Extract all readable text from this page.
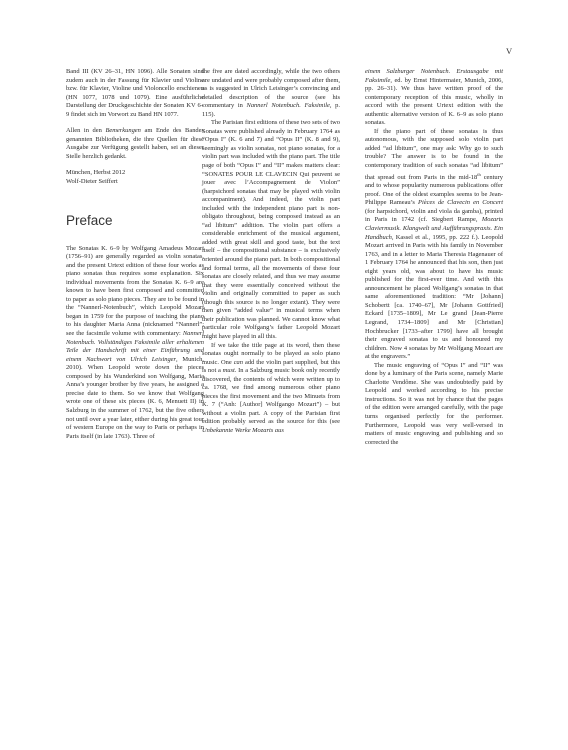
V

Band III (KV 26–31, HN 1096). Alle Sonaten sind zudem auch in der Fassung für Klavier und Violine bzw. für Klavier, Violine und Violoncello erschienen (HN 1077, 1078 und 1079). Eine ausführliche Darstellung der Druckgeschichte der Sonaten KV 6–9 findet sich im Vorwort zu Band HN 1077.

Allen in den Bemerkungen am Ende des Bandes genannten Bibliotheken, die ihre Quellen für diese Ausgabe zur Verfügung gestellt haben, sei an dieser Stelle herzlich gedankt.

München, Herbst 2012

Wolf-Dieter Seiffert

Preface

The Sonatas K. 6–9 by Wolfgang Amadeus Mozart (1756–91) are generally regarded as violin sonatas, and the present Urtext edition of these four works as piano sonatas thus requires some explanation. Six individual movements from the Sonatas K. 6–9 are known to have been first composed and committed to paper as solo piano pieces. They are to be found in the “Nannerl-Notenbuch”, which Leopold Mozart began in 1759 for the purpose of teaching the piano to his daughter Maria Anna (nicknamed “Nannerl”; see the facsimile volume with commentary: Nannerl Notenbuch. Vollständiges Faksimile aller erhaltenen Teile der Handschrift mit einer Einführung und einem Nachwort von Ulrich Leisinger, Munich, 2010). When Leopold wrote down the pieces composed by his Wunderkind son Wolfgang, Maria Anna’s younger brother by five years, he assigned a precise date to them. So we know that Wolfgang wrote one of these six pieces (K. 6, Menuett II) in Salzburg in the summer of 1762, but the five others not until over a year later, either during his great tour of western Europe on the way to Paris or perhaps in Paris itself (in late 1763). Three of

the five are dated accordingly, while the two others are undated and were probably composed after them, as is suggested in Ulrich Leisinger’s convincing and detailed description of the source (see his commentary in Nannerl Notenbuch. Faksimile, p. 115).

The Parisian first editions of these two sets of two Sonatas were published already in February 1764 as “Opus I” (K. 6 and 7) and “Opus II” (K. 8 and 9), seemingly as violin sonatas, not piano sonatas, for a violin part was included with the piano part. The title page of both “Opus I” and “II” makes matters clear: “SONATES POUR LE CLAVECIN Qui peuvent se jouer avec l’Accompagnement de Violon” (harpsichord sonatas that may be played with violin accompaniment). And indeed, the violin part included with the independent piano part is non-obligato throughout, being composed instead as an “ad libitum” addition. The violin part offers a considerable enrichment of the musical argument, added with great skill and good taste, but the text itself – the compositional substance – is exclusively oriented around the piano part. In both compositional and formal terms, all the movements of these four sonatas are closely related, and thus we may assume that they were essentially conceived without the violin and originally committed to paper as such (though this source is no longer extant). They were then given “added value” in musical terms when their publication was planned. We cannot know what particular role Wolfgang’s father Leopold Mozart might have played in all this.

If we take the title page at its word, then these sonatas ought normally to be played as solo piano music. One can add the violin part supplied, but this is not a must. In a Salzburg music book only recently discovered, the contents of which were written up to ca. 1768, we find among numerous other piano pieces the first movement and the two Minuets from K. 7 (“Anh: [Author] Wolfgango Mozart”) – but without a violin part. A copy of the Parisian first edition probably served as the source for this (see Unbekannte Werke Mozarts aus

einem Salzburger Notenbuch. Erstausgabe mit Faksimile, ed. by Ernst Hintermaier, Munich, 2006, pp. 26–31). We thus have written proof of the contemporary reception of this music, wholly in accord with the present Urtext edition with the authentic alternative version of K. 6–9 as solo piano sonatas.

If the piano part of these sonatas is thus autonomous, with the supposed solo violin part added “ad libitum”, one may ask: Why go to such trouble? The answer is to be found in the contemporary tradition of such sonatas “ad libitum” that spread out from Paris in the mid-18th century and to whose popularity numerous publications offer proof. One of the oldest examples seems to be Jean-Philippe Rameau’s Pièces de Clavecin en Concert (for harpsichord, violin and viola da gamba), printed in Paris in 1742 (cf. Siegbert Rampe, Mozarts Claviermusik. Klangwelt und Aufführungspraxis. Ein Handbuch, Kassel et al., 1995, pp. 222 f.). Leopold Mozart arrived in Paris with his family in November 1763, and in a letter to Maria Theresia Hagenauer of 1 February 1764 he announced that his son, then just eight years old, was about to have his music published for the first-ever time. And with this announcement he placed Wolfgang’s sonatas in that same aforementioned tradition: “Mr [Johann] Schobertt [ca. 1740–67], Mr [Johann Gottfried] Eckard [1735–1809], Mr Le grand [Jean-Pierre Legrand, 1734–1809] and Mr [Christian] Hochbrucker [1733–after 1799] have all brought their engraved sonatas to us and honoured my children. Now 4 sonatas by Mr Wolfgang Mozart are at the engravers.”

The music engraving of “Opus I” and “II” was done by a luminary of the Paris scene, namely Marie Charlotte Vendôme. She was undoubtedly paid by Leopold and worked according to his precise instructions. So it was not by chance that the pages of the edition were arranged carefully, with the page turns organised perfectly for the performer. Furthermore, Leopold was very well-versed in matters of music engraving and publishing and so corrected the
